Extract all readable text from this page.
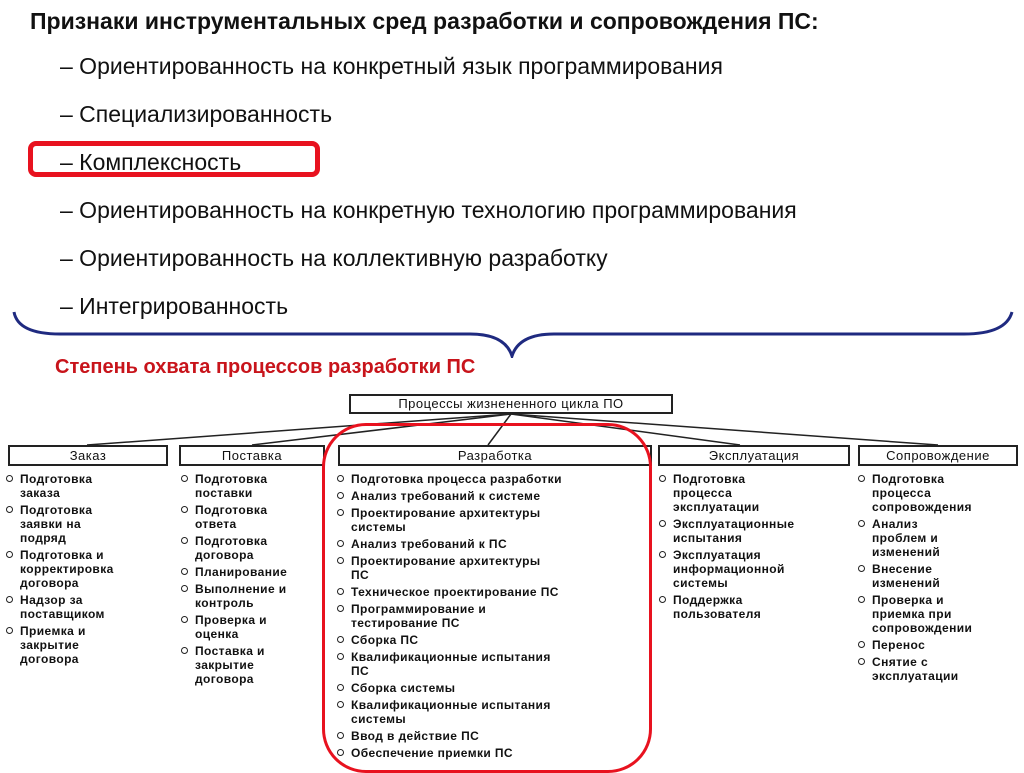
Признаки инструментальных сред разработки и сопровождения ПС:
– Ориентированность на конкретный язык программирования
– Специализированность
– Комплексность
– Ориентированность на конкретную технологию программирования
– Ориентированность на коллективную разработку
– Интегрированность
Степень охвата процессов разработки ПС
Процессы жизнененного цикла ПО
Заказ	Поставка	Разработка	Эксплуатация	Сопровождение
Подготовка
заказа
Подготовка
заявки на
подряд
Подготовка и
корректировка
договора
Надзор за
поставщиком
Приемка и
закрытие
договора
Подготовка
поставки
Подготовка
ответа
Подготовка
договора
Планирование
Выполнение и
контроль
Проверка и
оценка
Поставка и
закрытие
договора
Подготовка процесса разработки
Анализ требований к системе
Проектирование архитектуры
системы
Анализ требований к ПС
Проектирование архитектуры
ПС
Техническое проектирование ПС
Программирование и
тестирование ПС
Сборка ПС
Квалификационные испытания
ПС
Сборка системы
Квалификационные испытания
системы
Ввод в действие ПС
Обеспечение приемки ПС
Подготовка
процесса
эксплуатации
Эксплуатационные
испытания
Эксплуатация
информационной
системы
Поддержка
пользователя
Подготовка
процесса
сопровождения
Анализ
проблем и
изменений
Внесение
изменений
Проверка и
приемка при
сопровождении
Перенос
Снятие с
эксплуатации
